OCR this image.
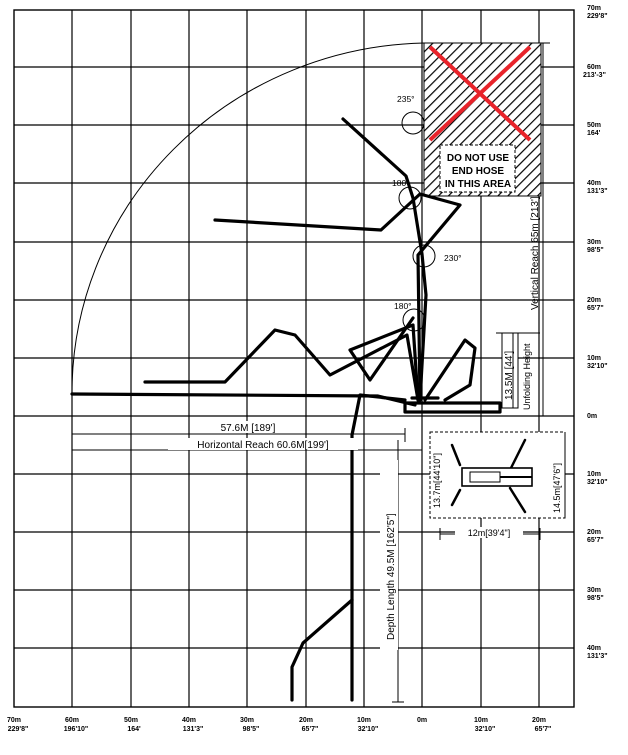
DO NOT USE
END HOSE
IN THIS AREA
235°
180°
230°
180°	Vertical Reach 65m [213']
13.5M [44'] Unfolding Height
57.6M [189']
Horizontal Reach 60.6M[199']
Depth Length 49.5M [162'5"]
13.7m[44'10"]	14.5m[47'6"]
12m[39'4"]
70m
229'8"
60m
213'-3"
50m
164'
40m
131'3"
30m
98'5"
20m
65'7"
10m
32'10"
0m
10m
32'10"
20m
65'7"
30m
98'5"
40m
131'3"
70m
229'8"
60m
196'10"
50m
164'
40m
131'3"
30m
98'5"
20m
65'7"
10m
32'10"
0m	10m
32'10"
20m
65'7"
